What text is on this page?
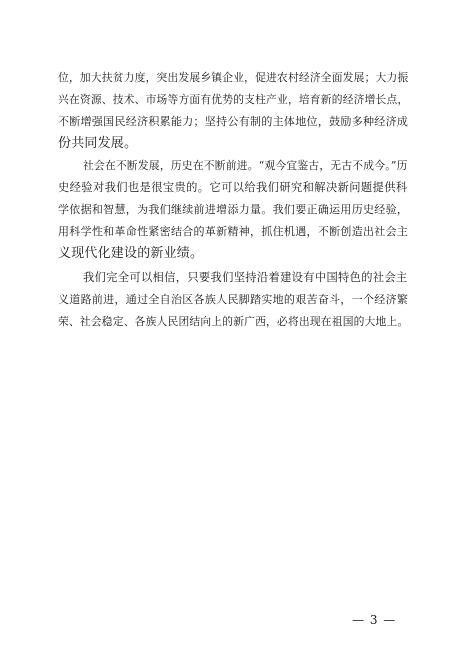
位，加大扶贫力度，突出发展乡镇企业，促进农村经济全面发展；大力振
兴在资源、技术、市场等方面有优势的支柱产业，培育新的经济增长点，
不断增强国民经济积累能力；坚持公有制的主体地位，鼓励多种经济成
份共同发展。
社会在不断发展，历史在不断前进。“观今宜鉴古，无古不成今。”历
史经验对我们也是很宝贵的。它可以给我们研究和解决新问题提供科
学依据和智慧，为我们继续前进增添力量。我们要正确运用历史经验，
用科学性和革命性紧密结合的革新精神，抓住机遇，不断创造出社会主
义现代化建设的新业绩。
我们完全可以相信，只要我们坚持沿着建设有中国特色的社会主
义道路前进，通过全自治区各族人民脚踏实地的艰苦奋斗，一个经济繁
荣、社会稳定、各族人民团结向上的新广西，必将出现在祖国的大地上。
— 3 —
